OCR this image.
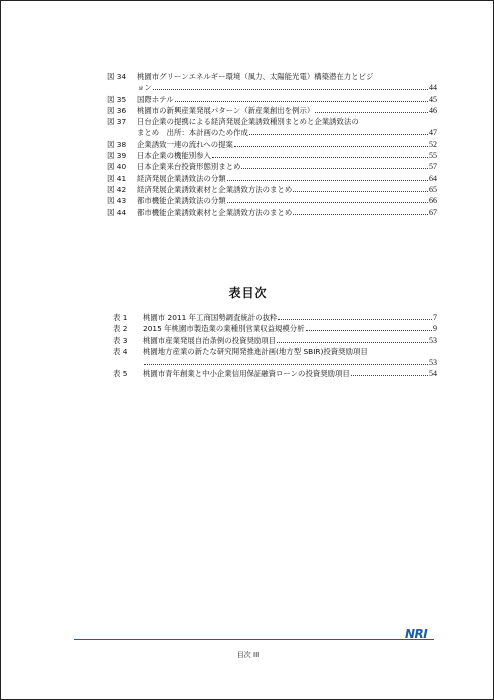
図 34	桃園市グリーンエネルギー環境（風力、太陽能光電）構築潜在力とビジ
ョン	44
図 35	国際ホテル	45
図 36	桃園市の新興産業発展パターン（新産業創出を例示）	46
図 37	日台企業の提携による経済発展企業誘致種別まとめと企業誘致法の
まとめ　出所：本計画のため作成	47
図 38	企業誘致一連の流れへの提案	52
図 39	日本企業の機能別参入	55
図 40	日本企業来台投資形態別まとめ	57
図 41	経済発展企業誘致法の分類	64
図 42	経済発展企業誘致素材と企業誘致方法のまとめ	65
図 43	都市機能企業誘致法の分類	66
図 44	都市機能企業誘致素材と企業誘致方法のまとめ	67
表目次
表 1	桃園市 2011 年工商国勢調査統計の抜粋	7
表 2	2015 年桃園市製造業の業種別営業収益規模分析	9
表 3	桃園市産業発展自治条例の投資奨励項目	53
表 4	桃園地方産業の新たな研究開発推進計画(地方型 SBIR)投資奨励項目
53
表 5	桃園市青年創業と中小企業信用保証融資ローンの投資奨励項目	54
NRI
目次 III
